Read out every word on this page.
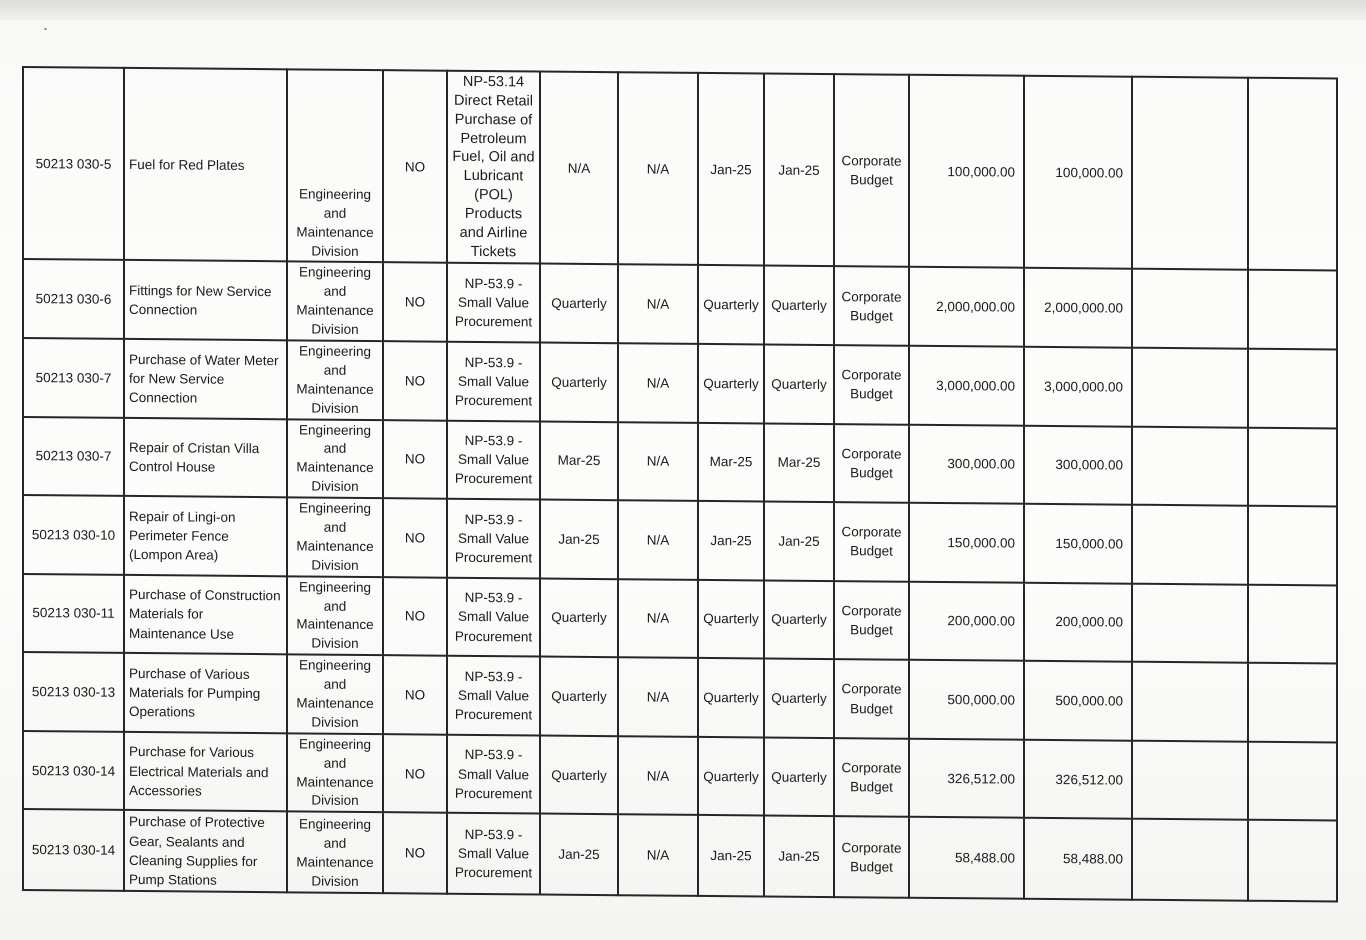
50213 030-5	Fuel for Red Plates	Engineering and Maintenance Division	NO	NP-53.14 Direct Retail Purchase of Petroleum Fuel, Oil and Lubricant (POL) Products and Airline Tickets	N/A	N/A	Jan-25	Jan-25	Corporate Budget	100,000.00	100,000.00		
50213 030-6	Fittings for New Service Connection	Engineering and Maintenance Division	NO	NP-53.9 - Small Value Procurement	Quarterly	N/A	Quarterly	Quarterly	Corporate Budget	2,000,000.00	2,000,000.00		
50213 030-7	Purchase of Water Meter for New Service Connection	Engineering and Maintenance Division	NO	NP-53.9 - Small Value Procurement	Quarterly	N/A	Quarterly	Quarterly	Corporate Budget	3,000,000.00	3,000,000.00		
50213 030-7	Repair of Cristan Villa Control House	Engineering and Maintenance Division	NO	NP-53.9 - Small Value Procurement	Mar-25	N/A	Mar-25	Mar-25	Corporate Budget	300,000.00	300,000.00		
50213 030-10	Repair of Lingi-on Perimeter Fence (Lompon Area)	Engineering and Maintenance Division	NO	NP-53.9 - Small Value Procurement	Jan-25	N/A	Jan-25	Jan-25	Corporate Budget	150,000.00	150,000.00		
50213 030-11	Purchase of Construction Materials for Maintenance Use	Engineering and Maintenance Division	NO	NP-53.9 - Small Value Procurement	Quarterly	N/A	Quarterly	Quarterly	Corporate Budget	200,000.00	200,000.00		
50213 030-13	Purchase of Various Materials for Pumping Operations	Engineering and Maintenance Division	NO	NP-53.9 - Small Value Procurement	Quarterly	N/A	Quarterly	Quarterly	Corporate Budget	500,000.00	500,000.00		
50213 030-14	Purchase for Various Electrical Materials and Accessories	Engineering and Maintenance Division	NO	NP-53.9 - Small Value Procurement	Quarterly	N/A	Quarterly	Quarterly	Corporate Budget	326,512.00	326,512.00		
50213 030-14	Purchase of Protective Gear, Sealants and Cleaning Supplies for Pump Stations	Engineering and Maintenance Division	NO	NP-53.9 - Small Value Procurement	Jan-25	N/A	Jan-25	Jan-25	Corporate Budget	58,488.00	58,488.00		
